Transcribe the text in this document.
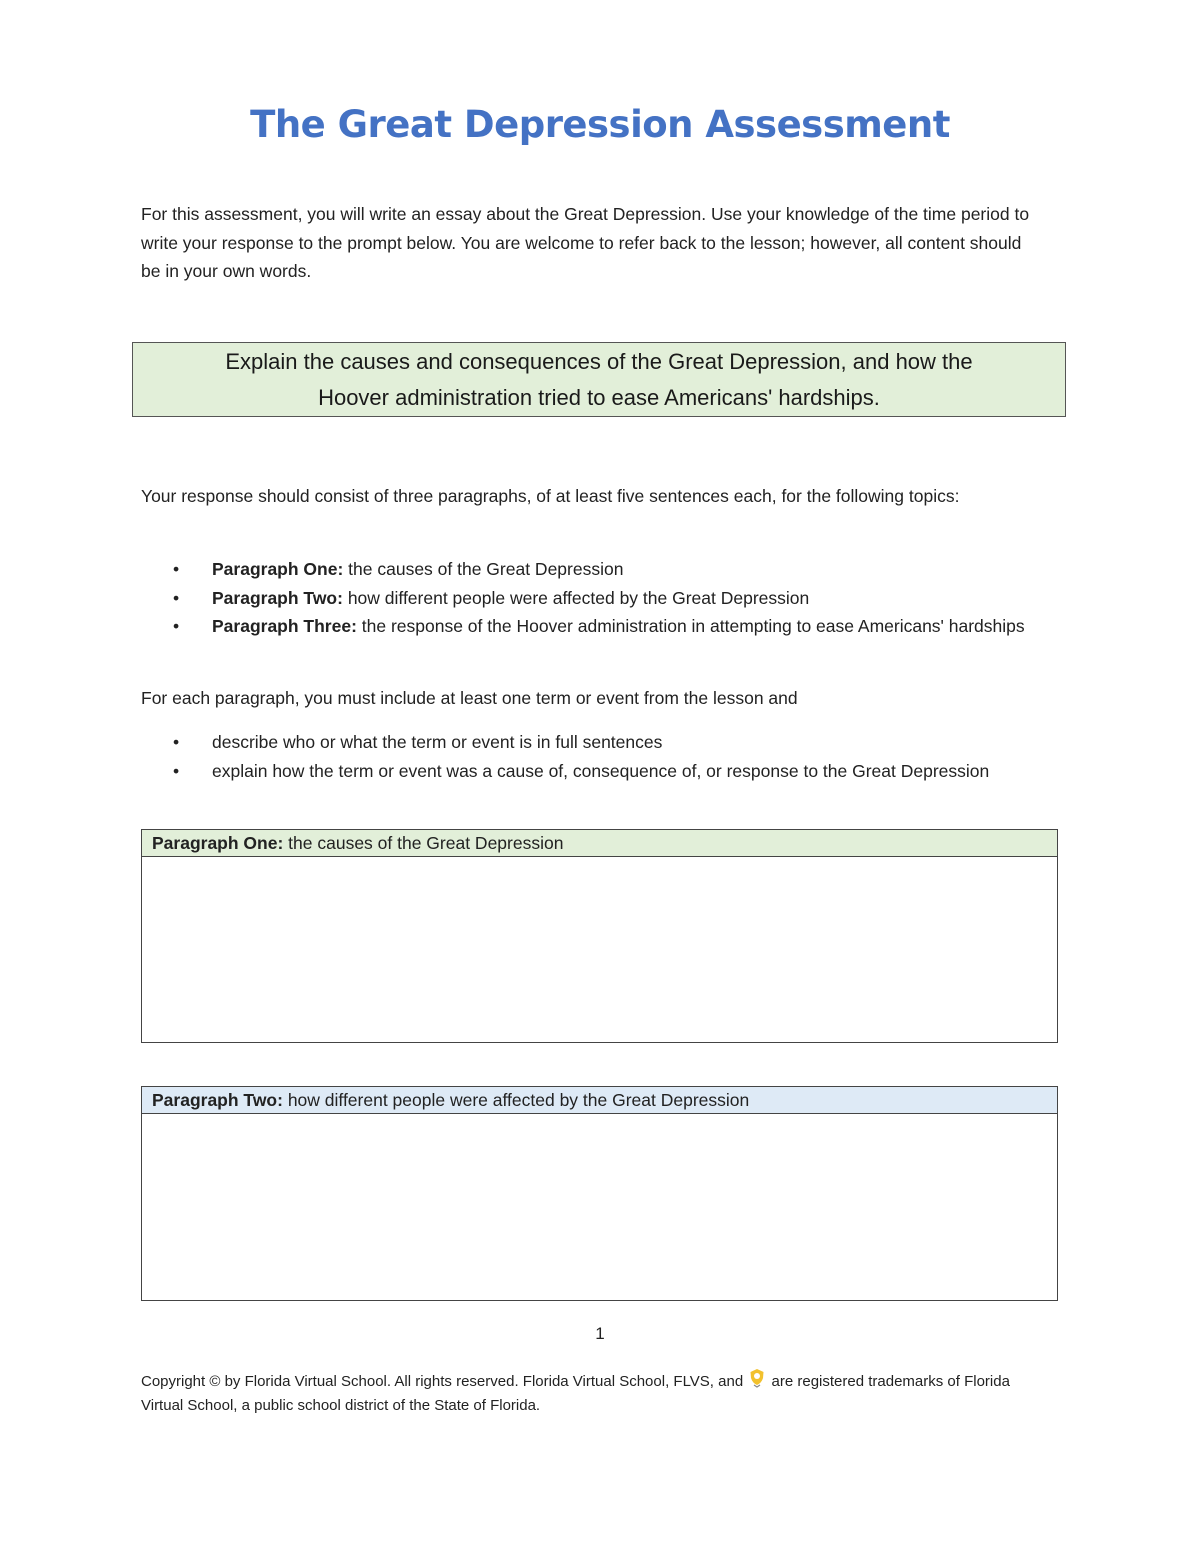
The Great Depression Assessment
For this assessment, you will write an essay about the Great Depression. Use your knowledge of the time period to write your response to the prompt below. You are welcome to refer back to the lesson; however, all content should be in your own words.
Explain the causes and consequences of the Great Depression, and how the
Hoover administration tried to ease Americans' hardships.
Your response should consist of three paragraphs, of at least five sentences each, for the following topics:
• Paragraph One: the causes of the Great Depression
• Paragraph Two: how different people were affected by the Great Depression
• Paragraph Three: the response of the Hoover administration in attempting to ease Americans' hardships
For each paragraph, you must include at least one term or event from the lesson and
• describe who or what the term or event is in full sentences
• explain how the term or event was a cause of, consequence of, or response to the Great Depression
Paragraph One: the causes of the Great Depression
Paragraph Two: how different people were affected by the Great Depression
1
Copyright © by Florida Virtual School. All rights reserved. Florida Virtual School, FLVS, and  are registered trademarks of Florida Virtual School, a public school district of the State of Florida.
